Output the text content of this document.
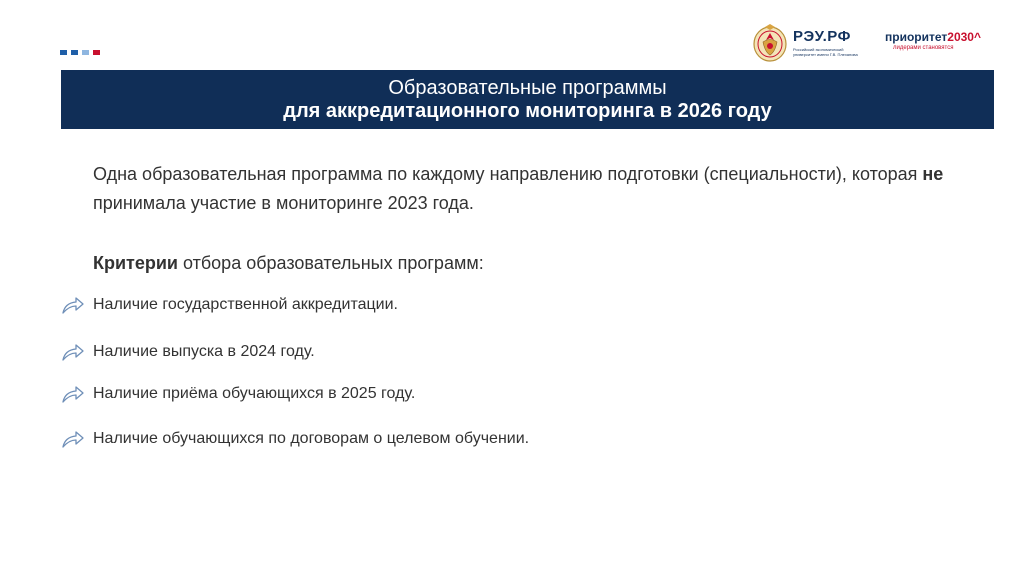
РЭУ.РФ
Российский экономический университет имени Г.В. Плеханова
приоритет2030^
лидерами становятся
Образовательные программы
для аккредитационного мониторинга в 2026 году
Одна образовательная программа по каждому направлению подготовки (специальности), которая не принимала участие в мониторинге 2023 года.
Критерии отбора образовательных программ:
Наличие государственной аккредитации.
Наличие выпуска в 2024 году.
Наличие приёма обучающихся в 2025 году.
Наличие обучающихся по договорам о целевом обучении.
